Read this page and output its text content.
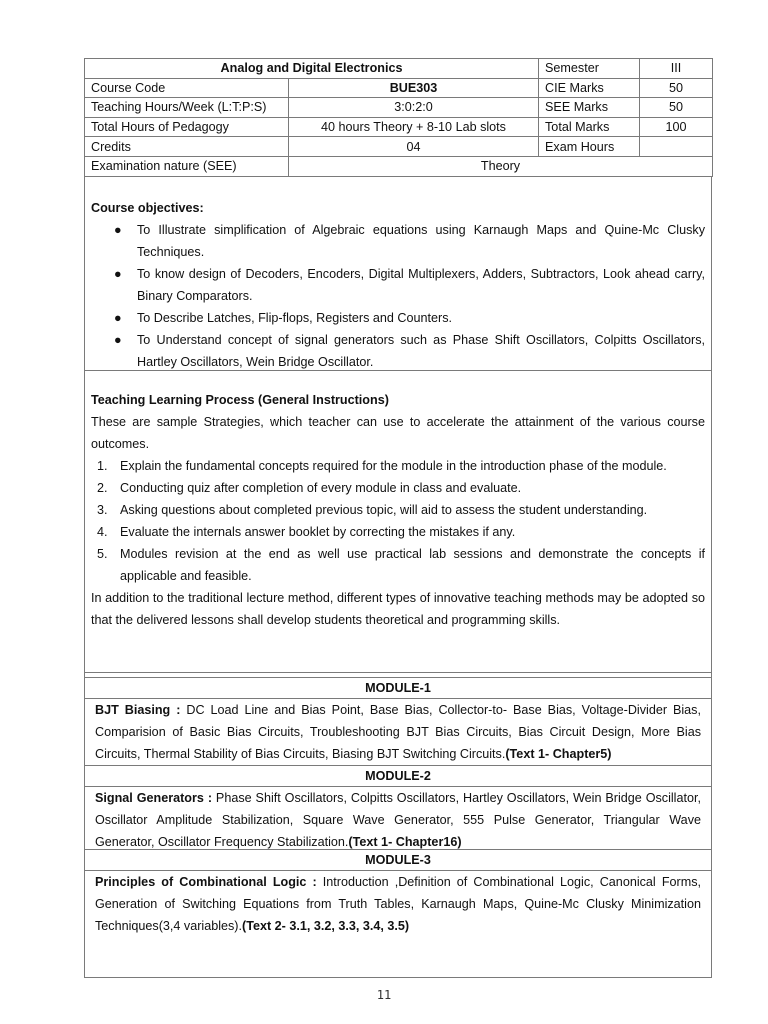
Analog and Digital Electronics		Semester	III
Course Code	BUE303	CIE Marks	50
Teaching Hours/Week (L:T:P:S)	3:0:2:0	SEE Marks	50
Total Hours of Pedagogy	40 hours Theory + 8-10 Lab slots	Total Marks	100
Credits	04	Exam Hours	
Examination nature (SEE)	Theory		

Course objectives:

● To Illustrate simplification of Algebraic equations using Karnaugh Maps and Quine-Mc Clusky Techniques.
● To know design of Decoders, Encoders, Digital Multiplexers, Adders, Subtractors, Look ahead carry, Binary Comparators.
● To Describe Latches, Flip-flops, Registers and Counters.
● To Understand concept of signal generators such as Phase Shift Oscillators, Colpitts Oscillators, Hartley Oscillators, Wein Bridge Oscillator.

Teaching Learning Process (General Instructions)

These are sample Strategies, which teacher can use to accelerate the attainment of the various course outcomes.

1. Explain the fundamental concepts required for the module in the introduction phase of the module.
2. Conducting quiz after completion of every module in class and evaluate.
3. Asking questions about completed previous topic, will aid to assess the student understanding.
4. Evaluate the internals answer booklet by correcting the mistakes if any.
5. Modules revision at the end as well use practical lab sessions and demonstrate the concepts if applicable and feasible.

In addition to the traditional lecture method, different types of innovative teaching methods may be adopted so that the delivered lessons shall develop students theoretical and programming skills.

MODULE-1
BJT Biasing : DC Load Line and Bias Point, Base Bias, Collector-to- Base Bias, Voltage-Divider Bias, Comparision of Basic Bias Circuits, Troubleshooting BJT Bias Circuits, Bias Circuit Design, More Bias Circuits, Thermal Stability of Bias Circuits, Biasing BJT Switching Circuits.(Text 1- Chapter5)
MODULE-2
Signal Generators : Phase Shift Oscillators, Colpitts Oscillators, Hartley Oscillators, Wein Bridge Oscillator, Oscillator Amplitude Stabilization, Square Wave Generator, 555 Pulse Generator, Triangular Wave Generator, Oscillator Frequency Stabilization.(Text 1- Chapter16)
MODULE-3
Principles of Combinational Logic : Introduction ,Definition of Combinational Logic, Canonical Forms, Generation of Switching Equations from Truth Tables, Karnaugh Maps, Quine-Mc Clusky Minimization Techniques(3,4 variables).(Text 2- 3.1, 3.2, 3.3, 3.4, 3.5)
11
